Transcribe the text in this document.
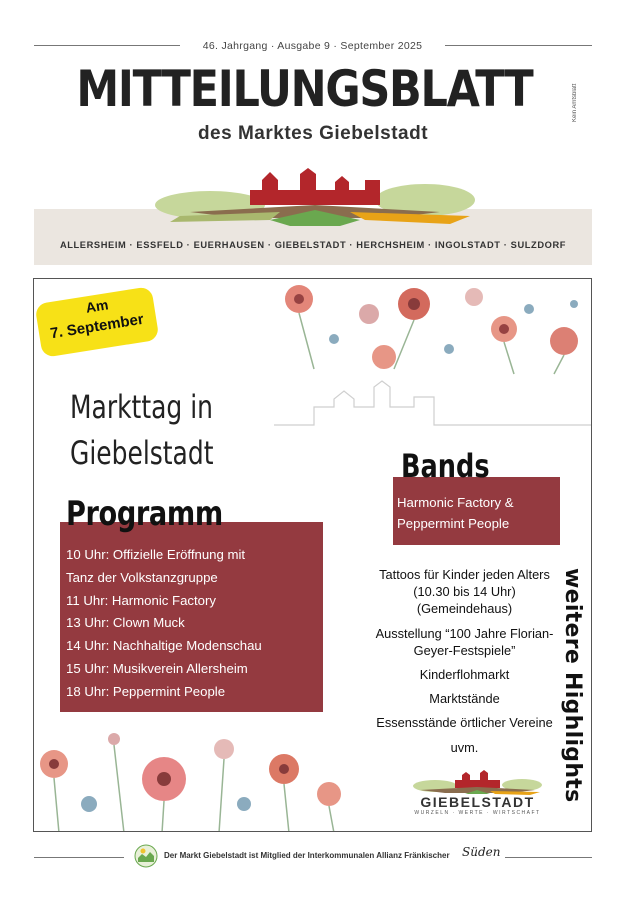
46. Jahrgang · Ausgabe 9 · September 2025
MITTEILUNGSBLATT
des Marktes Giebelstadt
Kein Amtsblatt
ALLERSHEIM · ESSFELD · EUERHAUSEN · GIEBELSTADT · HERCHSHEIM · INGOLSTADT · SULZDORF
Am
7. September
Markttag in
Giebelstadt
Programm
10 Uhr: Offizielle Eröffnung mit
Tanz der Volkstanzgruppe
11 Uhr: Harmonic Factory
13 Uhr: Clown Muck
14 Uhr: Nachhaltige Modenschau
15 Uhr: Musikverein Allersheim
18 Uhr: Peppermint People
Bands
Harmonic Factory &
Peppermint People
Tattoos für Kinder jeden Alters (10.30 bis 14 Uhr) (Gemeindehaus)
Ausstellung “100 Jahre Florian-Geyer-Festspiele”
Kinderflohmarkt
Marktstände
Essensstände örtlicher Vereine
uvm.	weitere Highlights
GIEBELSTADT
WURZELN · WERTE · WIRTSCHAFT
Der Markt Giebelstadt ist Mitglied der Interkommunalen Allianz Fränkischer Süden
